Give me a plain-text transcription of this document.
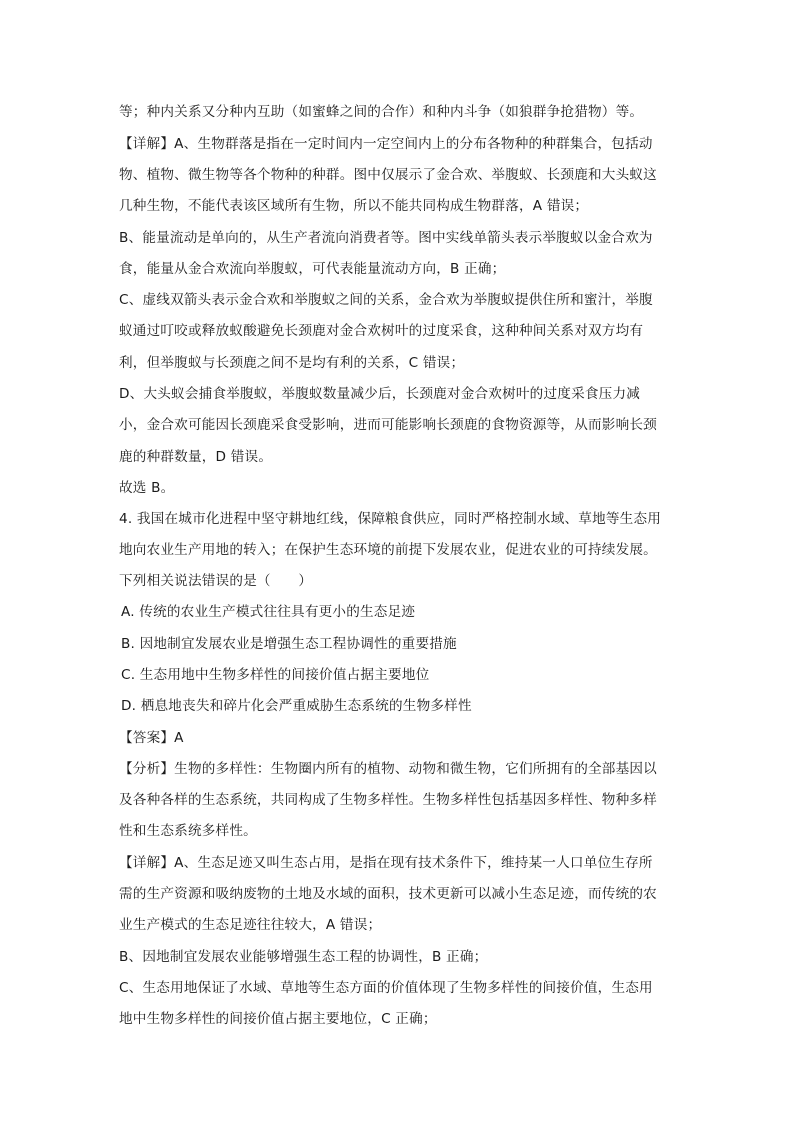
等；种内关系又分种内互助（如蜜蜂之间的合作）和种内斗争（如狼群争抢猎物）等。
【详解】A、生物群落是指在一定时间内一定空间内上的分布各物种的种群集合，包括动
物、植物、微生物等各个物种的种群。图中仅展示了金合欢、举腹蚁、长颈鹿和大头蚁这
几种生物，不能代表该区域所有生物，所以不能共同构成生物群落，A 错误；
B、能量流动是单向的，从生产者流向消费者等。图中实线单箭头表示举腹蚁以金合欢为
食，能量从金合欢流向举腹蚁，可代表能量流动方向，B 正确；
C、虚线双箭头表示金合欢和举腹蚁之间的关系，金合欢为举腹蚁提供住所和蜜汁，举腹
蚁通过叮咬或释放蚁酸避免长颈鹿对金合欢树叶的过度采食，这种种间关系对双方均有
利，但举腹蚁与长颈鹿之间不是均有利的关系，C 错误；
D、大头蚁会捕食举腹蚁，举腹蚁数量减少后，长颈鹿对金合欢树叶的过度采食压力减
小，金合欢可能因长颈鹿采食受影响，进而可能影响长颈鹿的食物资源等，从而影响长颈
鹿的种群数量，D 错误。
故选 B。
4. 我国在城市化进程中坚守耕地红线，保障粮食供应，同时严格控制水域、草地等生态用
地向农业生产用地的转入；在保护生态环境的前提下发展农业，促进农业的可持续发展。
下列相关说法错误的是（　　）
A. 传统的农业生产模式往往具有更小的生态足迹
B. 因地制宜发展农业是增强生态工程协调性的重要措施
C. 生态用地中生物多样性的间接价值占据主要地位
D. 栖息地丧失和碎片化会严重威胁生态系统的生物多样性
【答案】A
【分析】生物的多样性：生物圈内所有的植物、动物和微生物，它们所拥有的全部基因以
及各种各样的生态系统，共同构成了生物多样性。生物多样性包括基因多样性、物种多样
性和生态系统多样性。
【详解】A、生态足迹又叫生态占用，是指在现有技术条件下，维持某一人口单位生存所
需的生产资源和吸纳废物的土地及水域的面积，技术更新可以减小生态足迹，而传统的农
业生产模式的生态足迹往往较大，A 错误；
B、因地制宜发展农业能够增强生态工程的协调性，B 正确；
C、生态用地保证了水域、草地等生态方面的价值体现了生物多样性的间接价值，生态用
地中生物多样性的间接价值占据主要地位，C 正确；
